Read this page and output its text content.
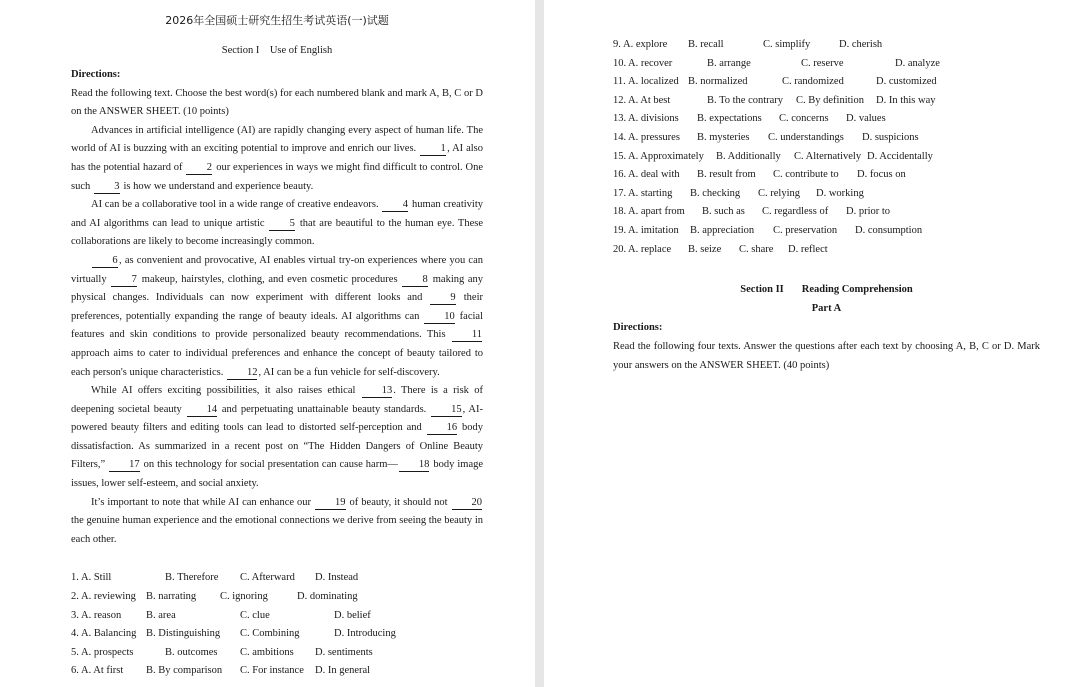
2026年全国硕士研究生招生考试英语(一)试题
Section I    Use of English
Directions:
Read the following text. Choose the best word(s) for each numbered blank and mark A, B, C or D on the ANSWER SHEET. (10 points)
Advances in artificial intelligence (AI) are rapidly changing every aspect of human life. The world of AI is buzzing with an exciting potential to improve and enrich our lives. 1, AI also has the potential hazard of 2 our experiences in ways we might find difficult to control. One such 3 is how we understand and experience beauty.
AI can be a collaborative tool in a wide range of creative endeavors. 4 human creativity and AI algorithms can lead to unique artistic 5 that are beautiful to the human eye. These collaborations are likely to become increasingly common.
6, as convenient and provocative, AI enables virtual try-on experiences where you can virtually 7 makeup, hairstyles, clothing, and even cosmetic procedures 8 making any physical changes. Individuals can now experiment with different looks and 9 their preferences, potentially expanding the range of beauty ideals. AI algorithms can 10 facial features and skin conditions to provide personalized beauty recommendations. This 11 approach aims to cater to individual preferences and enhance the concept of beauty tailored to each person's unique characteristics. 12, AI can be a fun vehicle for self-discovery.
While AI offers exciting possibilities, it also raises ethical 13. There is a risk of deepening societal beauty 14 and perpetuating unattainable beauty standards. 15, AI-powered beauty filters and editing tools can lead to distorted self-perception and 16 body dissatisfaction. As summarized in a recent post on “The Hidden Dangers of Online Beauty Filters,” 17 on this technology for social presentation can cause harm— 18 body image issues, lower self-esteem, and social anxiety.
It’s important to note that while AI can enhance our 19 of beauty, it should not 20 the genuine human experience and the emotional connections we derive from seeing the beauty in each other.
1. A. Still	B. Therefore C. Afterward D. Instead
2. A. reviewing B. narrating C. ignoring	D. dominating
3. A. reason B. area	C. clue	D. belief
4. A. Balancing B. Distinguishing C. Combining	D. Introducing
5. A. prospects	B. outcomes C. ambitions D. sentiments
6. A. At first B. By comparison C. For instance D. In general
9. A. explore B. recall	C. simplify	D. cherish
10. A. recover	B. arrange	C. reserve	D. analyze
11. A. localized B. normalized	C. randomized	D. customized
12. A. At best	B. To the contrary C. By definition D. In this way
13. A. divisions B. expectations C. concerns D. values
14. A. pressures B. mysteries C. understandings D. suspicions
15. A. Approximately B. Additionally C. Alternatively D. Accidentally
16. A. deal with B. result from C. contribute to D. focus on
17. A. starting B. checking C. relying D. working
18. A. apart from B. such as C. regardless of D. prior to
19. A. imitation B. appreciation C. preservation D. consumption
20. A. replace B. seize C. share D. reflect
Section II Reading Comprehension
Part A
Directions:
Read the following four texts. Answer the questions after each text by choosing A, B, C or D. Mark your answers on the ANSWER SHEET. (40 points)
